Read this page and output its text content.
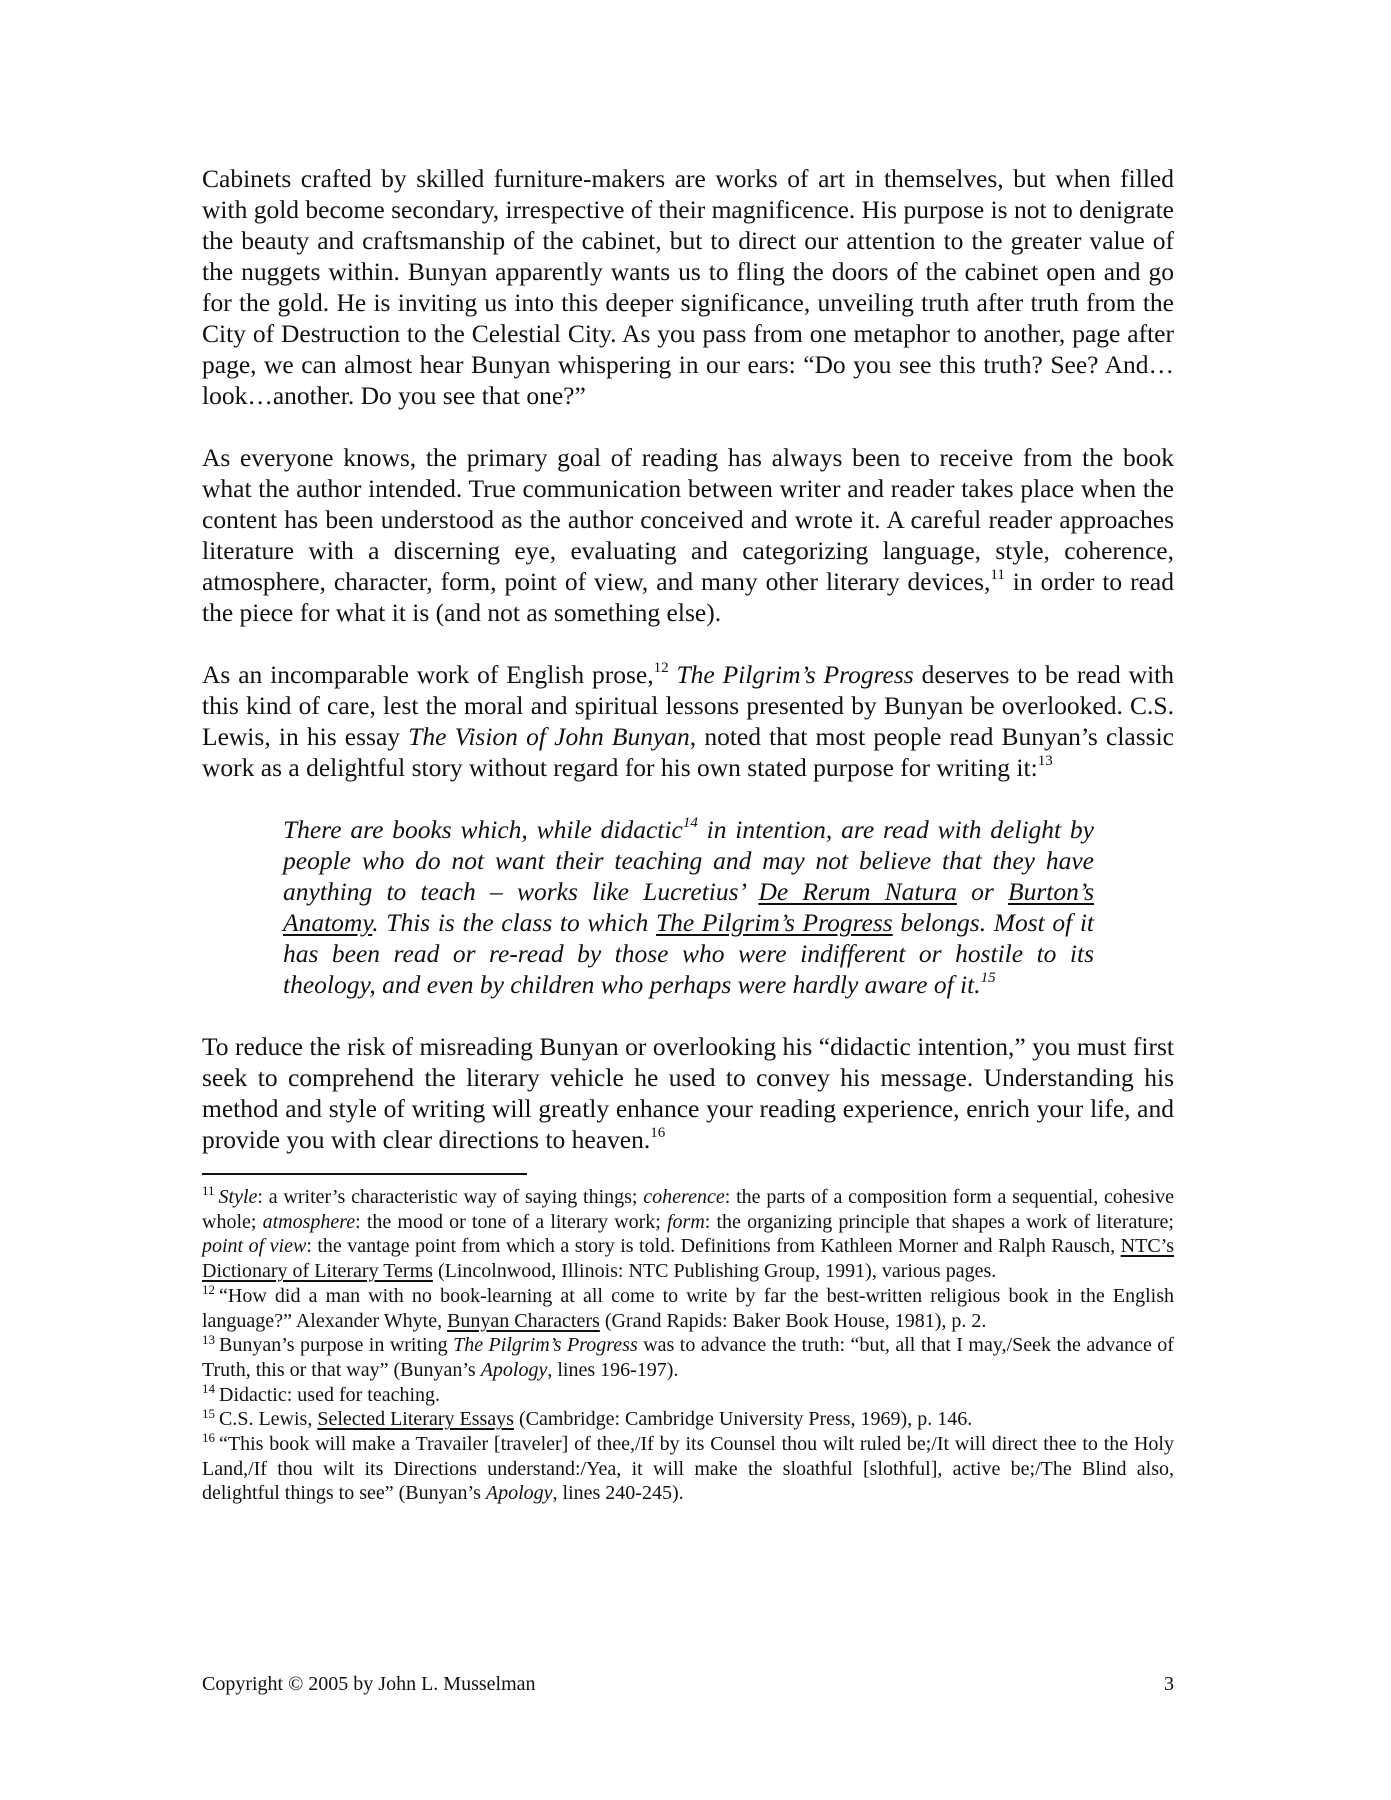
Cabinets crafted by skilled furniture-makers are works of art in themselves, but when filled with gold become secondary, irrespective of their magnificence. His purpose is not to denigrate the beauty and craftsmanship of the cabinet, but to direct our attention to the greater value of the nuggets within. Bunyan apparently wants us to fling the doors of the cabinet open and go for the gold. He is inviting us into this deeper significance, unveiling truth after truth from the City of Destruction to the Celestial City. As you pass from one metaphor to another, page after page, we can almost hear Bunyan whispering in our ears: “Do you see this truth? See? And…look…another. Do you see that one?”

As everyone knows, the primary goal of reading has always been to receive from the book what the author intended. True communication between writer and reader takes place when the content has been understood as the author conceived and wrote it. A careful reader approaches literature with a discerning eye, evaluating and categorizing language, style, coherence, atmosphere, character, form, point of view, and many other literary devices,$^{11}$ in order to read the piece for what it is (and not as something else).

As an incomparable work of English prose,$^{12}$ The Pilgrim’s Progress deserves to be read with this kind of care, lest the moral and spiritual lessons presented by Bunyan be overlooked. C.S. Lewis, in his essay The Vision of John Bunyan, noted that most people read Bunyan’s classic work as a delightful story without regard for his own stated purpose for writing it:$^{13}$

There are books which, while didactic$^{14}$ in intention, are read with delight by people who do not want their teaching and may not believe that they have anything to teach – works like Lucretius’ De Rerum Natura or Burton’s Anatomy. This is the class to which The Pilgrim’s Progress belongs. Most of it has been read or re-read by those who were indifferent or hostile to its theology, and even by children who perhaps were hardly aware of it.$^{15}$

To reduce the risk of misreading Bunyan or overlooking his “didactic intention,” you must first seek to comprehend the literary vehicle he used to convey his message. Understanding his method and style of writing will greatly enhance your reading experience, enrich your life, and provide you with clear directions to heaven.$^{16}$

$^{11}$ Style: a writer’s characteristic way of saying things; coherence: the parts of a composition form a sequential, cohesive whole; atmosphere: the mood or tone of a literary work; form: the organizing principle that shapes a work of literature; point of view: the vantage point from which a story is told. Definitions from Kathleen Morner and Ralph Rausch, NTC’s Dictionary of Literary Terms (Lincolnwood, Illinois: NTC Publishing Group, 1991), various pages.

$^{12}$ “How did a man with no book-learning at all come to write by far the best-written religious book in the English language?” Alexander Whyte, Bunyan Characters (Grand Rapids: Baker Book House, 1981), p. 2.

$^{13}$ Bunyan’s purpose in writing The Pilgrim’s Progress was to advance the truth: “but, all that I may,/Seek the advance of Truth, this or that way” (Bunyan’s Apology, lines 196-197).

$^{14}$ Didactic: used for teaching.

$^{15}$ C.S. Lewis, Selected Literary Essays (Cambridge: Cambridge University Press, 1969), p. 146.

$^{16}$ “This book will make a Travailer [traveler] of thee,/If by its Counsel thou wilt ruled be;/It will direct thee to the Holy Land,/If thou wilt its Directions understand:/Yea, it will make the sloathful [slothful], active be;/The Blind also, delightful things to see” (Bunyan’s Apology, lines 240-245).

Copyright © 2005 by John L. Musselman	3
